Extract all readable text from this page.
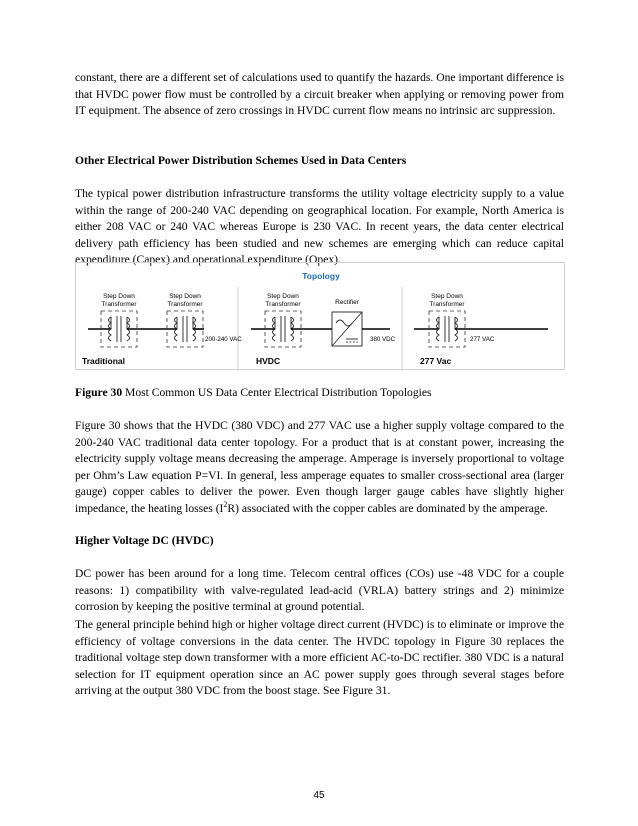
constant, there are a different set of calculations used to quantify the hazards. One important difference is that HVDC power flow must be controlled by a circuit breaker when applying or removing power from IT equipment. The absence of zero crossings in HVDC current flow means no intrinsic arc suppression.

Other Electrical Power Distribution Schemes Used in Data Centers

The typical power distribution infrastructure transforms the utility voltage electricity supply to a value within the range of 200-240 VAC depending on geographical location. For example, North America is either 208 VAC or 240 VAC whereas Europe is 230 VAC. In recent years, the data center electrical delivery path efficiency has been studied and new schemes are emerging which can reduce capital expenditure (Capex) and operational expenditure (Opex).

Topology
Step Down
Transformer
Step Down
Transformer
200-240 VAC
Traditional
Step Down
Transformer	Rectifier
380 VDC
HVDC
Step Down
Transformer
277 VAC
277 Vac

Figure 30 Most Common US Data Center Electrical Distribution Topologies

Figure 30 shows that the HVDC (380 VDC) and 277 VAC use a higher supply voltage compared to the 200-240 VAC traditional data center topology. For a product that is at constant power, increasing the electricity supply voltage means decreasing the amperage. Amperage is inversely proportional to voltage per Ohm’s Law equation P=VI. In general, less amperage equates to smaller cross-sectional area (larger gauge) copper cables to deliver the power. Even though larger gauge cables have slightly higher impedance, the heating losses $(I^2R)$ associated with the copper cables are dominated by the amperage.

Higher Voltage DC (HVDC)

DC power has been around for a long time. Telecom central offices (COs) use -48 VDC for a couple reasons: 1) compatibility with valve-regulated lead-acid (VRLA) battery strings and 2) minimize corrosion by keeping the positive terminal at ground potential.

The general principle behind high or higher voltage direct current (HVDC) is to eliminate or improve the efficiency of voltage conversions in the data center. The HVDC topology in Figure 30 replaces the traditional voltage step down transformer with a more efficient AC-to-DC rectifier. 380 VDC is a natural selection for IT equipment operation since an AC power supply goes through several stages before arriving at the output 380 VDC from the boost stage. See Figure 31.

45
